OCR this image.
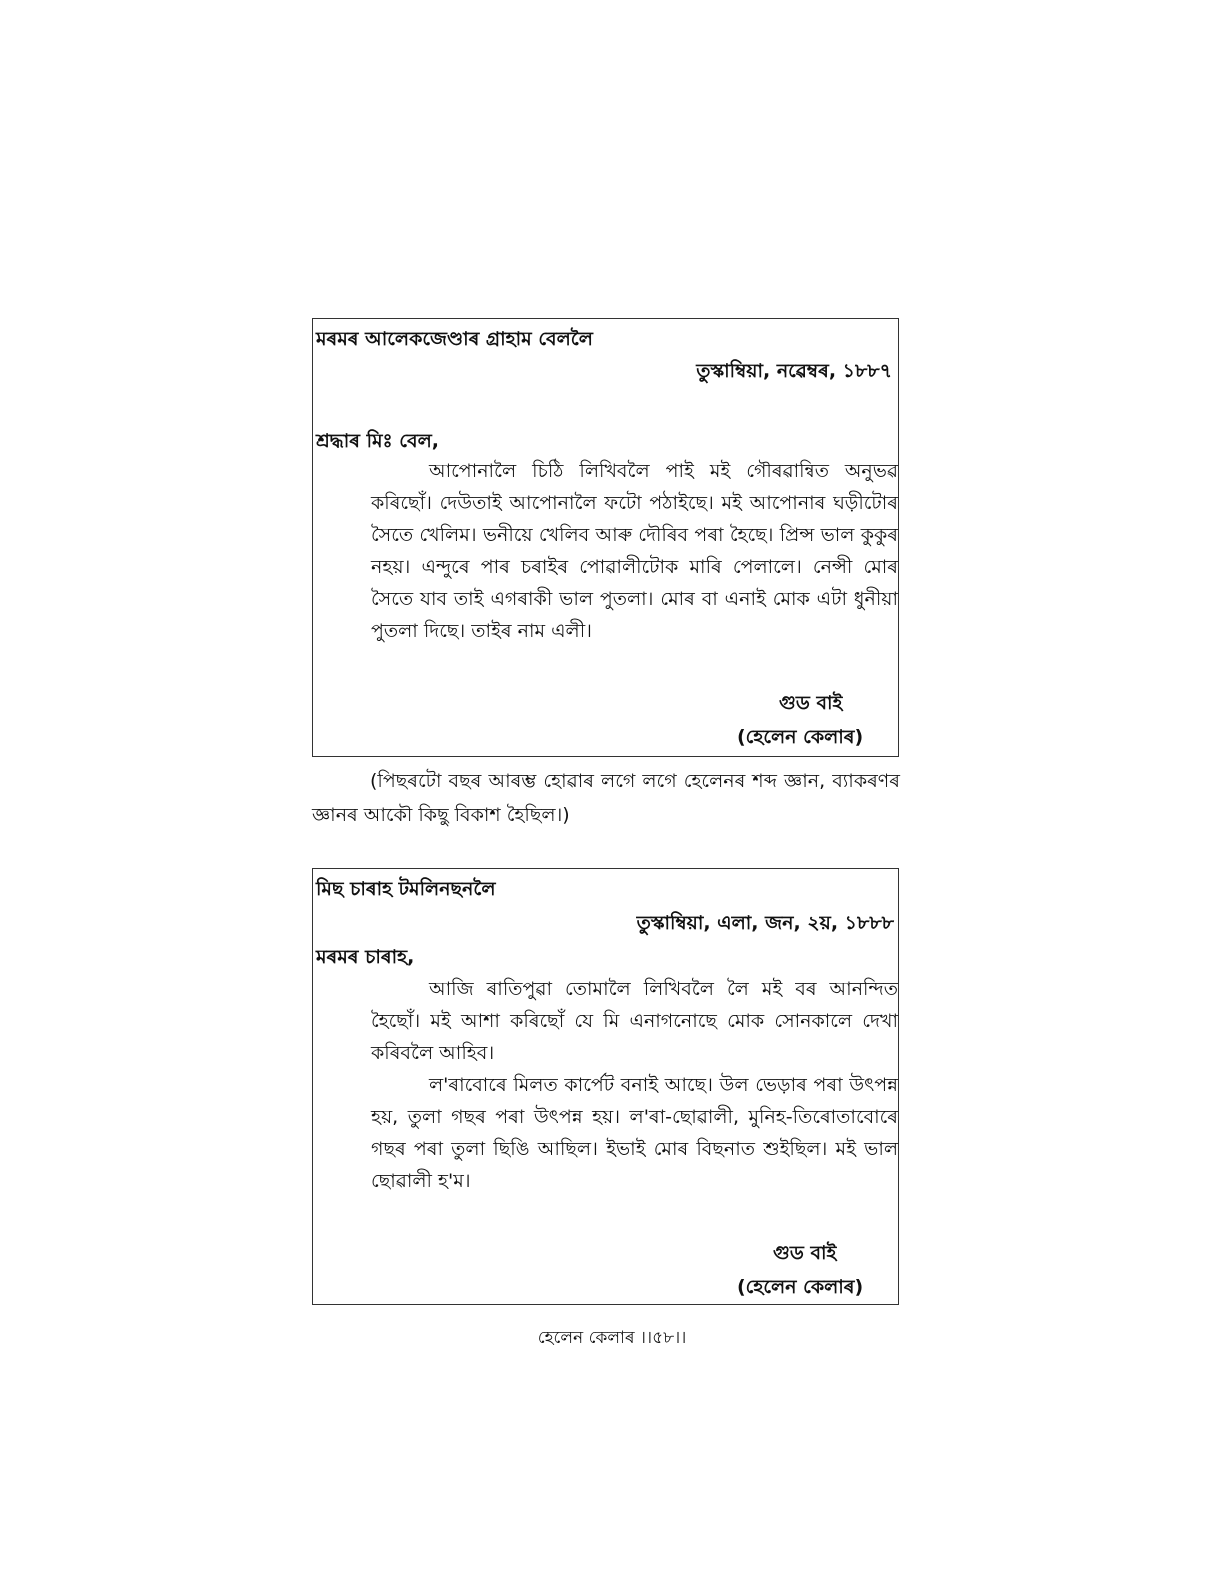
মৰমৰ আলেকজেণ্ডাৰ গ্ৰাহাম বেললৈ
তুস্কাম্বিয়া, নৱেম্বৰ, ১৮৮৭
শ্ৰদ্ধাৰ মিঃ বেল,

আপোনালৈ চিঠি লিখিবলৈ পাই মই গৌৰৱান্বিত অনুভৱ কৰিছোঁ। দেউতাই আপোনালৈ ফটো পঠাইছে। মই আপোনাৰ ঘড়ীটোৰ সৈতে খেলিম। ভনীয়ে খেলিব আৰু দৌৰিব পৰা হৈছে। প্ৰিন্স ভাল কুকুৰ নহয়। এন্দুৰে পাৰ চৰাইৰ পোৱালীটোক মাৰি পেলালে। নেন্সী মোৰ সৈতে যাব তাই এগৰাকী ভাল পুতলা। মোৰ বা এনাই মোক এটা ধুনীয়া পুতলা দিছে। তাইৰ নাম এলী।

গুড বাই
(হেলেন কেলাৰ)

(পিছৰটো বছৰ আৰম্ভ হোৱাৰ লগে লগে হেলেনৰ শব্দ জ্ঞান, ব্যাকৰণৰ জ্ঞানৰ আকৌ কিছু বিকাশ হৈছিল।)

মিছ চাৰাহ টমলিনছনলৈ
তুস্কাম্বিয়া, এলা, জন, ২য়, ১৮৮৮
মৰমৰ চাৰাহ,

আজি ৰাতিপুৱা তোমালৈ লিখিবলৈ লৈ মই বৰ আনন্দিত হৈছোঁ। মই আশা কৰিছোঁ যে মি এনাগনোছে মোক সোনকালে দেখা কৰিবলৈ আহিব।

ল'ৰাবোৰে মিলত কাৰ্পেট বনাই আছে। উল ভেড়াৰ পৰা উৎপন্ন হয়, তুলা গছৰ পৰা উৎপন্ন হয়। ল'ৰা-ছোৱালী, মুনিহ-তিৰোতাবোৰে গছৰ পৰা তুলা ছিঙি আছিল। ইভাই মোৰ বিছনাত শুইছিল। মই ভাল ছোৱালী হ'ম।

গুড বাই
(হেলেন কেলাৰ)
হেলেন কেলাৰ ।।৫৮।।
